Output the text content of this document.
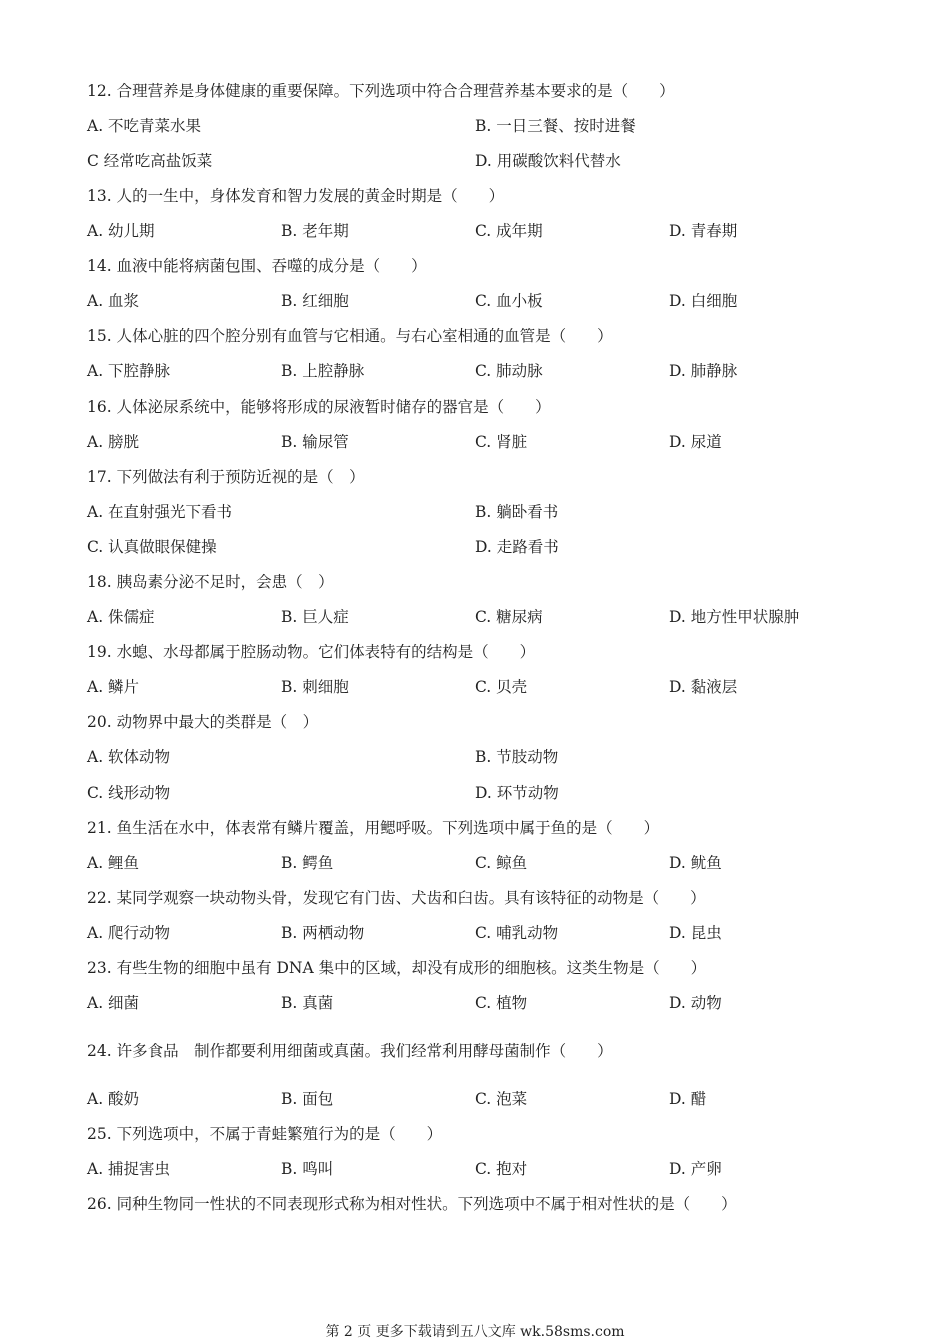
12. 合理营养是身体健康的重要保障。下列选项中符合合理营养基本要求的是（　　）
A. 不吃青菜水果	B. 一日三餐、按时进餐
C 经常吃高盐饭菜	D. 用碳酸饮料代替水
13. 人的一生中，身体发育和智力发展的黄金时期是（　　）
A. 幼儿期	B. 老年期	C. 成年期	D. 青春期
14. 血液中能将病菌包围、吞噬的成分是（　　）
A. 血浆	B. 红细胞	C. 血小板	D. 白细胞
15. 人体心脏的四个腔分别有血管与它相通。与右心室相通的血管是（　　）
A. 下腔静脉	B. 上腔静脉	C. 肺动脉	D. 肺静脉
16. 人体泌尿系统中，能够将形成的尿液暂时储存的器官是（　　）
A. 膀胱	B. 输尿管	C. 肾脏	D. 尿道
17. 下列做法有利于预防近视的是（　）
A. 在直射强光下看书	B. 躺卧看书
C. 认真做眼保健操	D. 走路看书
18. 胰岛素分泌不足时，会患（　）
A. 侏儒症	B. 巨人症	C. 糖尿病	D. 地方性甲状腺肿
19. 水螅、水母都属于腔肠动物。它们体表特有的结构是（　　）
A. 鳞片	B. 刺细胞	C. 贝壳	D. 黏液层
20. 动物界中最大的类群是（　）
A. 软体动物	B. 节肢动物
C. 线形动物	D. 环节动物
21. 鱼生活在水中，体表常有鳞片覆盖，用鳃呼吸。下列选项中属于鱼的是（　　）
A. 鲤鱼	B. 鳄鱼	C. 鲸鱼	D. 鱿鱼
22. 某同学观察一块动物头骨，发现它有门齿、犬齿和臼齿。具有该特征的动物是（　　）
A. 爬行动物	B. 两栖动物	C. 哺乳动物	D. 昆虫
23. 有些生物的细胞中虽有 DNA 集中的区域，却没有成形的细胞核。这类生物是（　　）
A. 细菌	B. 真菌	C. 植物	D. 动物
24. 许多食品　制作都要利用细菌或真菌。我们经常利用酵母菌制作（　　）
A. 酸奶	B. 面包	C. 泡菜	D. 醋
25. 下列选项中，不属于青蛙繁殖行为的是（　　）
A. 捕捉害虫	B. 鸣叫	C. 抱对	D. 产卵
26. 同种生物同一性状的不同表现形式称为相对性状。下列选项中不属于相对性状的是（　　）
第 2 页 更多下载请到五八文库 wk.58sms.com
